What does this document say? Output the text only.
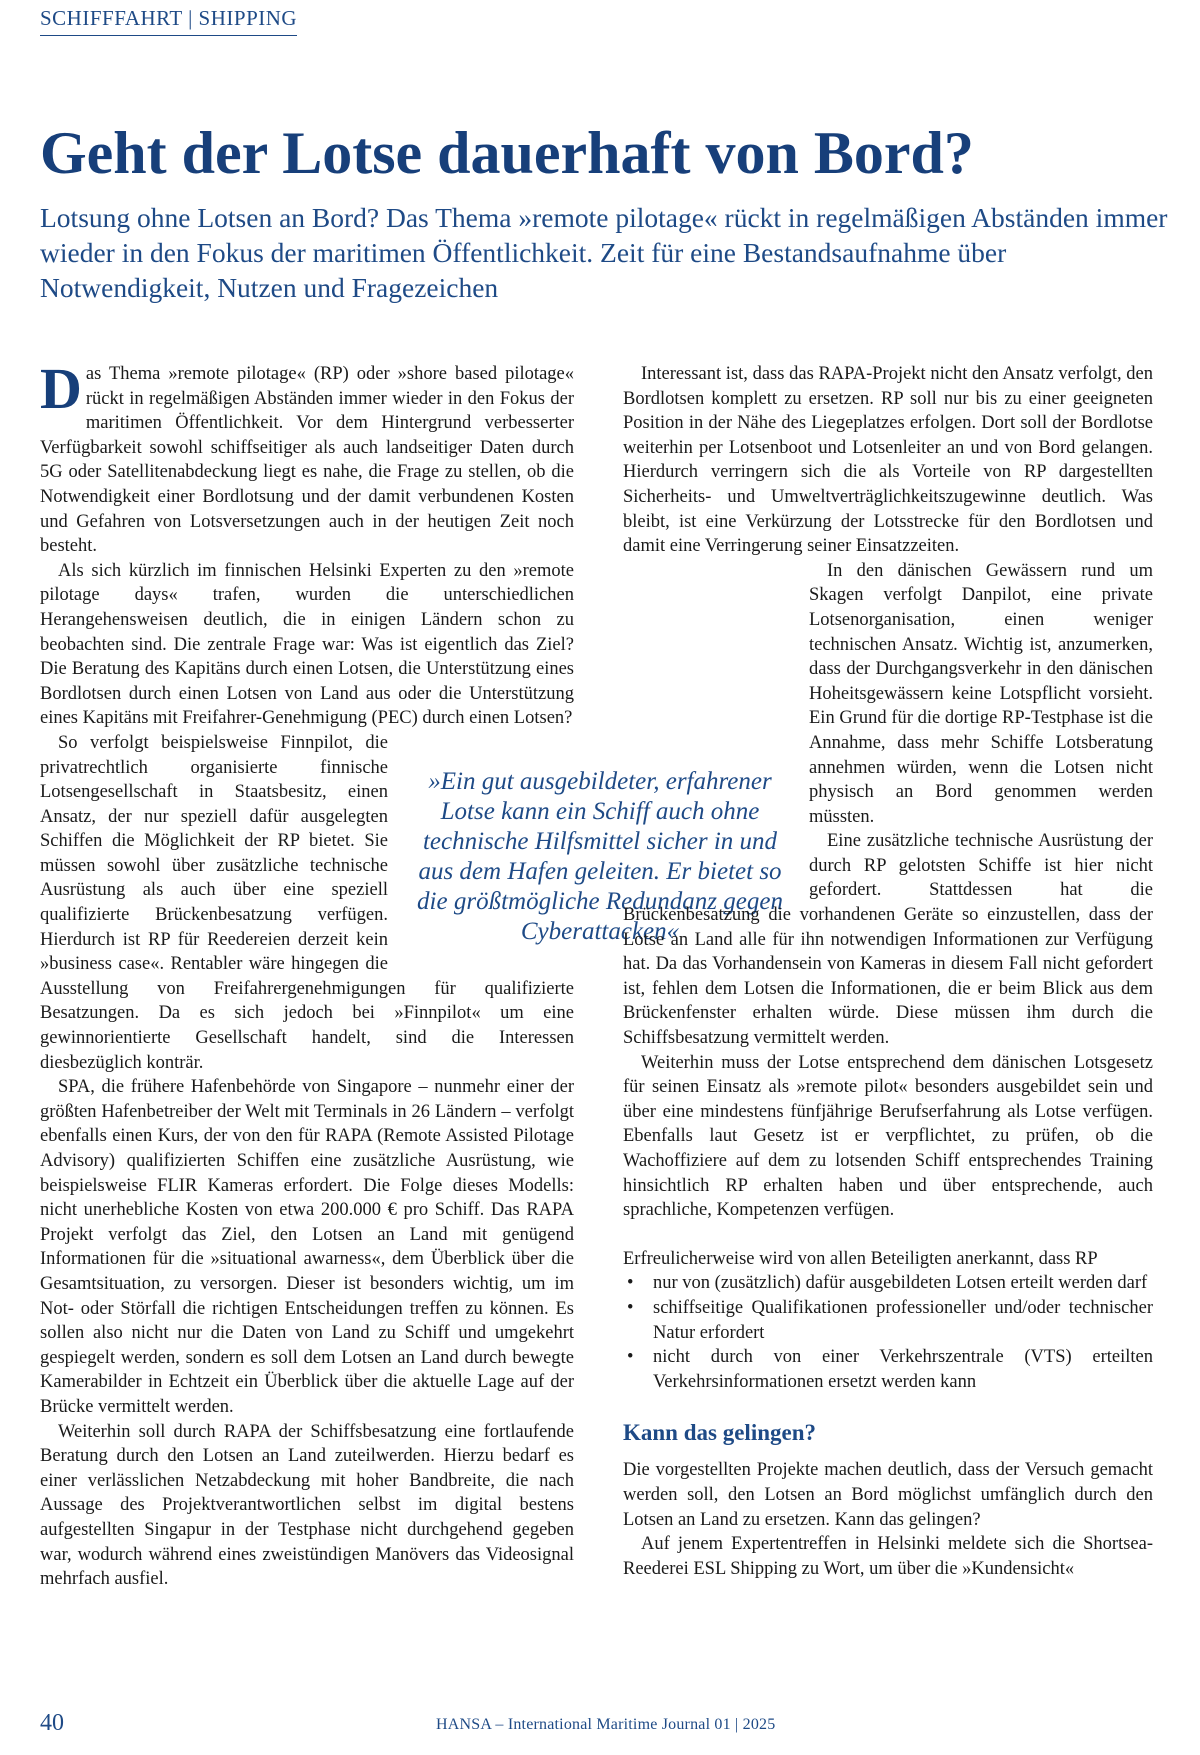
SCHIFFFAHRT | SHIPPING
Geht der Lotse dauerhaft von Bord?
Lotsung ohne Lotsen an Bord? Das Thema »remote pilotage« rückt in regelmäßigen Abständen immer wieder in den Fokus der maritimen Öffentlichkeit. Zeit für eine Bestandsaufnahme über Notwendigkeit, Nutzen und Fragezeichen

Das Thema »remote pilotage« (RP) oder »shore based pilotage« rückt in regelmäßigen Abständen immer wieder in den Fokus der maritimen Öffentlichkeit. Vor dem Hintergrund verbesserter Verfügbarkeit sowohl schiffseitiger als auch landseitiger Daten durch 5G oder Satellitenabdeckung liegt es nahe, die Frage zu stellen, ob die Notwendigkeit einer Bordlotsung und der damit verbundenen Kosten und Gefahren von Lotsversetzungen auch in der heutigen Zeit noch besteht.

Als sich kürzlich im finnischen Helsinki Experten zu den »remote pilotage days« trafen, wurden die unterschiedlichen Herangehensweisen deutlich, die in einigen Ländern schon zu beobachten sind. Die zentrale Frage war: Was ist eigentlich das Ziel? Die Beratung des Kapitäns durch einen Lotsen, die Unterstützung eines Bordlotsen durch einen Lotsen von Land aus oder die Unterstützung eines Kapitäns mit Freifahrer-Genehmigung (PEC) durch einen Lotsen?

So verfolgt beispielsweise Finnpilot, die privatrechtlich organisierte finnische Lotsengesellschaft in Staatsbesitz, einen Ansatz, der nur speziell dafür ausgelegten Schiffen die Möglichkeit der RP bietet. Sie müssen sowohl über zusätzliche technische Ausrüstung als auch über eine speziell qualifizierte Brückenbesatzung verfügen. Hierdurch ist RP für Reedereien derzeit kein »business case«. Rentabler wäre hingegen die Ausstellung von Freifahrergenehmigungen für qualifizierte Besatzungen. Da es sich jedoch bei »Finnpilot« um eine gewinnorientierte Gesellschaft handelt, sind die Interessen diesbezüglich konträr.

SPA, die frühere Hafenbehörde von Singapore – nunmehr einer der größten Hafenbetreiber der Welt mit Terminals in 26 Ländern – verfolgt ebenfalls einen Kurs, der von den für RAPA (Remote Assisted Pilotage Advisory) qualifizierten Schiffen eine zusätzliche Ausrüstung, wie beispielsweise FLIR Kameras erfordert. Die Folge dieses Modells: nicht unerhebliche Kosten von etwa 200.000 € pro Schiff. Das RAPA Projekt verfolgt das Ziel, den Lotsen an Land mit genügend Informationen für die »situational awarness«, dem Überblick über die Gesamtsituation, zu versorgen. Dieser ist besonders wichtig, um im Not- oder Störfall die richtigen Entscheidungen treffen zu können. Es sollen also nicht nur die Daten von Land zu Schiff und umgekehrt gespiegelt werden, sondern es soll dem Lotsen an Land durch bewegte Kamerabilder in Echtzeit ein Überblick über die aktuelle Lage auf der Brücke vermittelt werden.

Weiterhin soll durch RAPA der Schiffsbesatzung eine fortlaufende Beratung durch den Lotsen an Land zuteilwerden. Hierzu bedarf es einer verlässlichen Netzabdeckung mit hoher Bandbreite, die nach Aussage des Projektverantwortlichen selbst im digital bestens aufgestellten Singapur in der Testphase nicht durchgehend gegeben war, wodurch während eines zweistündigen Manövers das Videosignal mehrfach ausfiel.

»Ein gut ausgebildeter, erfahrener Lotse kann ein Schiff auch ohne technische Hilfsmittel sicher in und aus dem Hafen geleiten. Er bietet so die größtmögliche Redundanz gegen Cyberattacken«

Interessant ist, dass das RAPA-Projekt nicht den Ansatz verfolgt, den Bordlotsen komplett zu ersetzen. RP soll nur bis zu einer geeigneten Position in der Nähe des Liegeplatzes erfolgen. Dort soll der Bordlotse weiterhin per Lotsenboot und Lotsenleiter an und von Bord gelangen. Hierdurch verringern sich die als Vorteile von RP dargestellten Sicherheits- und Umweltverträglichkeitszugewinne deutlich. Was bleibt, ist eine Verkürzung der Lotsstrecke für den Bordlotsen und damit eine Verringerung seiner Einsatzzeiten.

In den dänischen Gewässern rund um Skagen verfolgt Danpilot, eine private Lotsenorganisation, einen weniger technischen Ansatz. Wichtig ist, anzumerken, dass der Durchgangsverkehr in den dänischen Hoheitsgewässern keine Lotspflicht vorsieht. Ein Grund für die dortige RP-Testphase ist die Annahme, dass mehr Schiffe Lotsberatung annehmen würden, wenn die Lotsen nicht physisch an Bord genommen werden müssten.

Eine zusätzliche technische Ausrüstung der durch RP gelotsten Schiffe ist hier nicht gefordert. Stattdessen hat die Brückenbesatzung die vorhandenen Geräte so einzustellen, dass der Lotse an Land alle für ihn notwendigen Informationen zur Verfügung hat. Da das Vorhandensein von Kameras in diesem Fall nicht gefordert ist, fehlen dem Lotsen die Informationen, die er beim Blick aus dem Brückenfenster erhalten würde. Diese müssen ihm durch die Schiffsbesatzung vermittelt werden.

Weiterhin muss der Lotse entsprechend dem dänischen Lotsgesetz für seinen Einsatz als »remote pilot« besonders ausgebildet sein und über eine mindestens fünfjährige Berufserfahrung als Lotse verfügen. Ebenfalls laut Gesetz ist er verpflichtet, zu prüfen, ob die Wachoffiziere auf dem zu lotsenden Schiff entsprechendes Training hinsichtlich RP erhalten haben und über entsprechende, auch sprachliche, Kompetenzen verfügen.

Erfreulicherweise wird von allen Beteiligten anerkannt, dass RP

• nur von (zusätzlich) dafür ausgebildeten Lotsen erteilt werden darf
• schiffseitige Qualifikationen professioneller und/oder technischer Natur erfordert
• nicht durch von einer Verkehrszentrale (VTS) erteilten Verkehrsinformationen ersetzt werden kann
Kann das gelingen?

Die vorgestellten Projekte machen deutlich, dass der Versuch gemacht werden soll, den Lotsen an Bord möglichst umfänglich durch den Lotsen an Land zu ersetzen. Kann das gelingen?

Auf jenem Expertentreffen in Helsinki meldete sich die Shortsea-Reederei ESL Shipping zu Wort, um über die »Kundensicht«

40	HANSA – International Maritime Journal 01 | 2025
